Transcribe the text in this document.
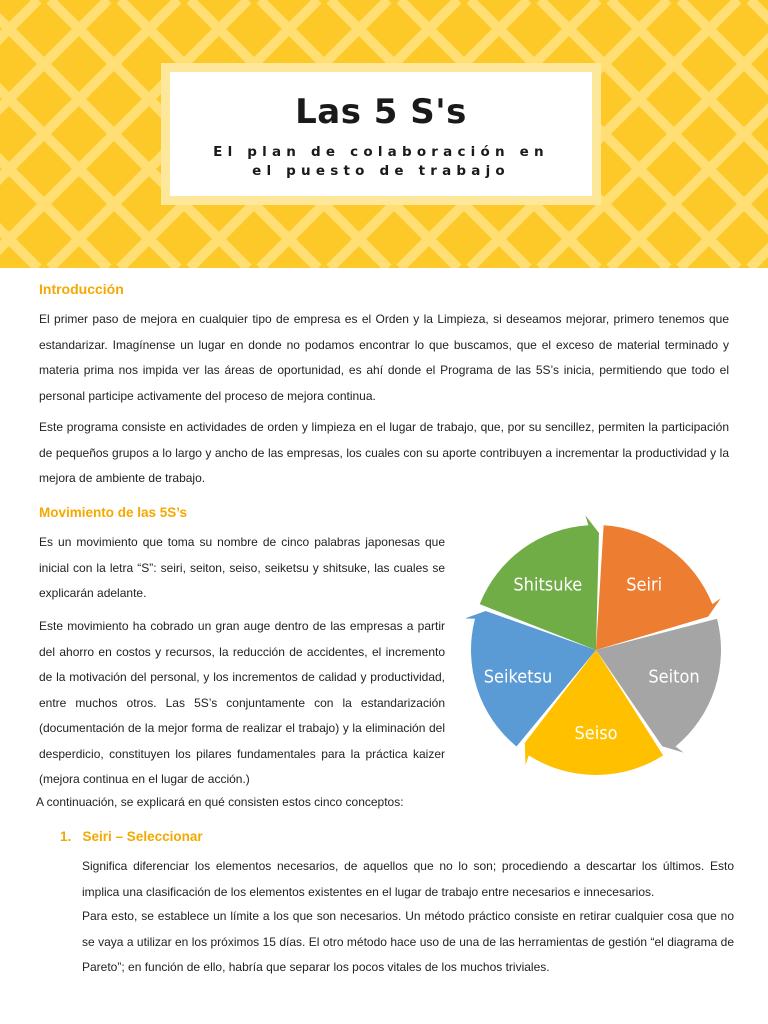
Las 5 S's
El plan de colaboración en
el puesto de trabajo
Introducción
El primer paso de mejora en cualquier tipo de empresa es el Orden y la Limpieza, si deseamos mejorar, primero tenemos que estandarizar. Imagínense un lugar en donde no podamos encontrar lo que buscamos, que el exceso de material terminado y materia prima nos impida ver las áreas de oportunidad, es ahí donde el Programa de las 5S’s inicia, permitiendo que todo el personal participe activamente del proceso de mejora continua.
Este programa consiste en actividades de orden y limpieza en el lugar de trabajo, que, por su sencillez, permiten la participación de pequeños grupos a lo largo y ancho de las empresas, los cuales con su aporte contribuyen a incrementar la productividad y la mejora de ambiente de trabajo.
Movimiento de las 5S’s
Es un movimiento que toma su nombre de cinco palabras japonesas que inicial con la letra “S”: seiri, seiton, seiso, seiketsu y shitsuke, las cuales se explicarán adelante.
Este movimiento ha cobrado un gran auge dentro de las empresas a partir del ahorro en costos y recursos, la reducción de accidentes, el incremento de la motivación del personal, y los incrementos de calidad y productividad, entre muchos otros. Las 5S’s conjuntamente con la estandarización (documentación de la mejor forma de realizar el trabajo) y la eliminación del desperdicio, constituyen los pilares fundamentales para la práctica kaizer (mejora continua en el lugar de acción.)
A continuación, se explicará en qué consisten estos cinco conceptos:
Seiri
Seiton
Seiso
Seiketsu
Shitsuke
1. Seiri – Seleccionar
Significa diferenciar los elementos necesarios, de aquellos que no lo son; procediendo a descartar los últimos. Esto implica una clasificación de los elementos existentes en el lugar de trabajo entre necesarios e innecesarios.
Para esto, se establece un límite a los que son necesarios. Un método práctico consiste en retirar cualquier cosa que no se vaya a utilizar en los próximos 15 días. El otro método hace uso de una de las herramientas de gestión “el diagrama de Pareto”; en función de ello, habría que separar los pocos vitales de los muchos triviales.
